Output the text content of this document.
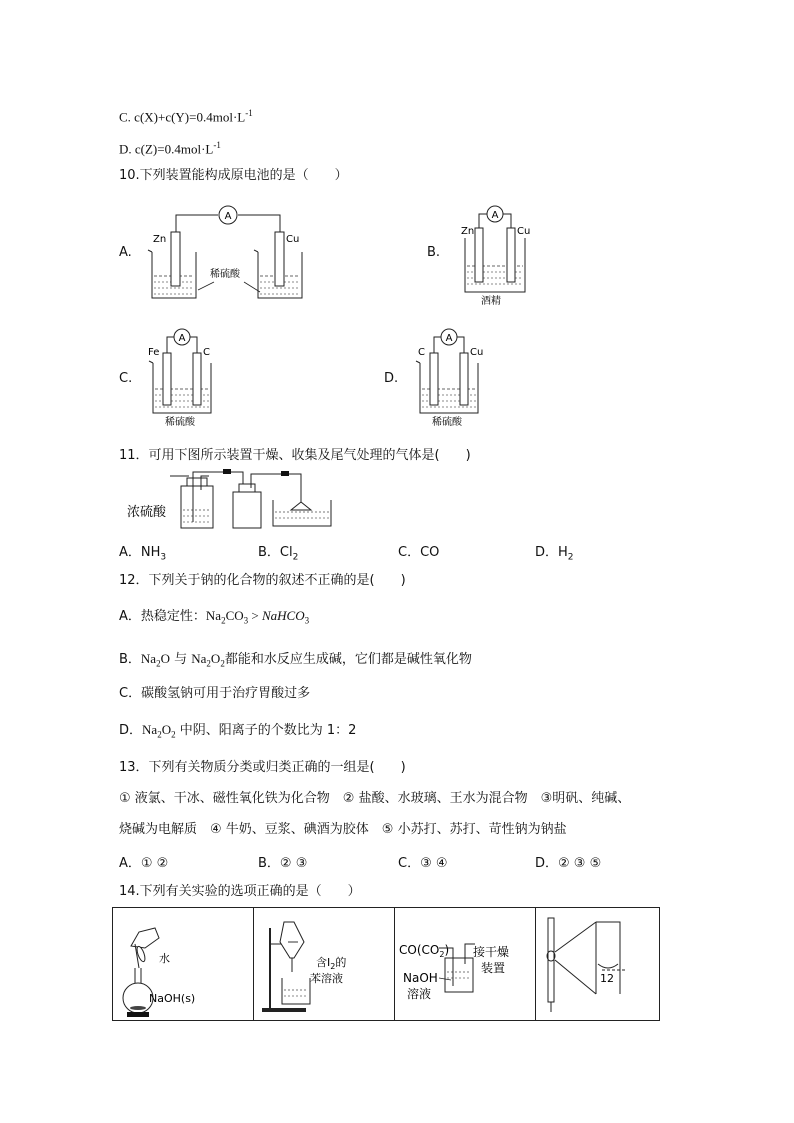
C. $c(X)+c(Y)=0.4mol\cdot L^{-1}$
D. $c(Z)=0.4mol\cdot L^{-1}$
10.下列装置能构成原电池的是（　　）
A.
A
Zn	Cu
稀硫酸
B.
A
Zn	Cu
酒精
C.
A
Fe	C
稀硫酸
D.
A
C	Cu
稀硫酸
11．可用下图所示装置干燥、收集及尾气处理的气体是(　　)
浓硫酸
A．$NH_3$	B．$Cl_2$	C．CO	D．$H_2$
12．下列关于钠的化合物的叙述不正确的是(　　)
A．热稳定性：$Na_2CO_3$ > NaHCO$_3$
B．$Na_2O$ 与 $Na_2O_2$都能和水反应生成碱，它们都是碱性氧化物
C．碳酸氢钠可用于治疗胃酸过多
D．$Na_2O_2$ 中阴、阳离子的个数比为 1：2
13．下列有关物质分类或归类正确的一组是(　　)
① 液氯、干冰、磁性氧化铁为化合物　② 盐酸、水玻璃、王水为混合物　③明矾、纯碱、
烧碱为电解质　④ 牛奶、豆浆、碘酒为胶体　⑤ 小苏打、苏打、苛性钠为钠盐
A．① ②	B．② ③	C．③ ④	D．② ③ ⑤
14.下列有关实验的选项正确的是（　　）
水
NaOH(s)
含$I_2$的
苯溶液
$CO(CO_2)$ 接干燥
装置
NaOH
溶液
12
